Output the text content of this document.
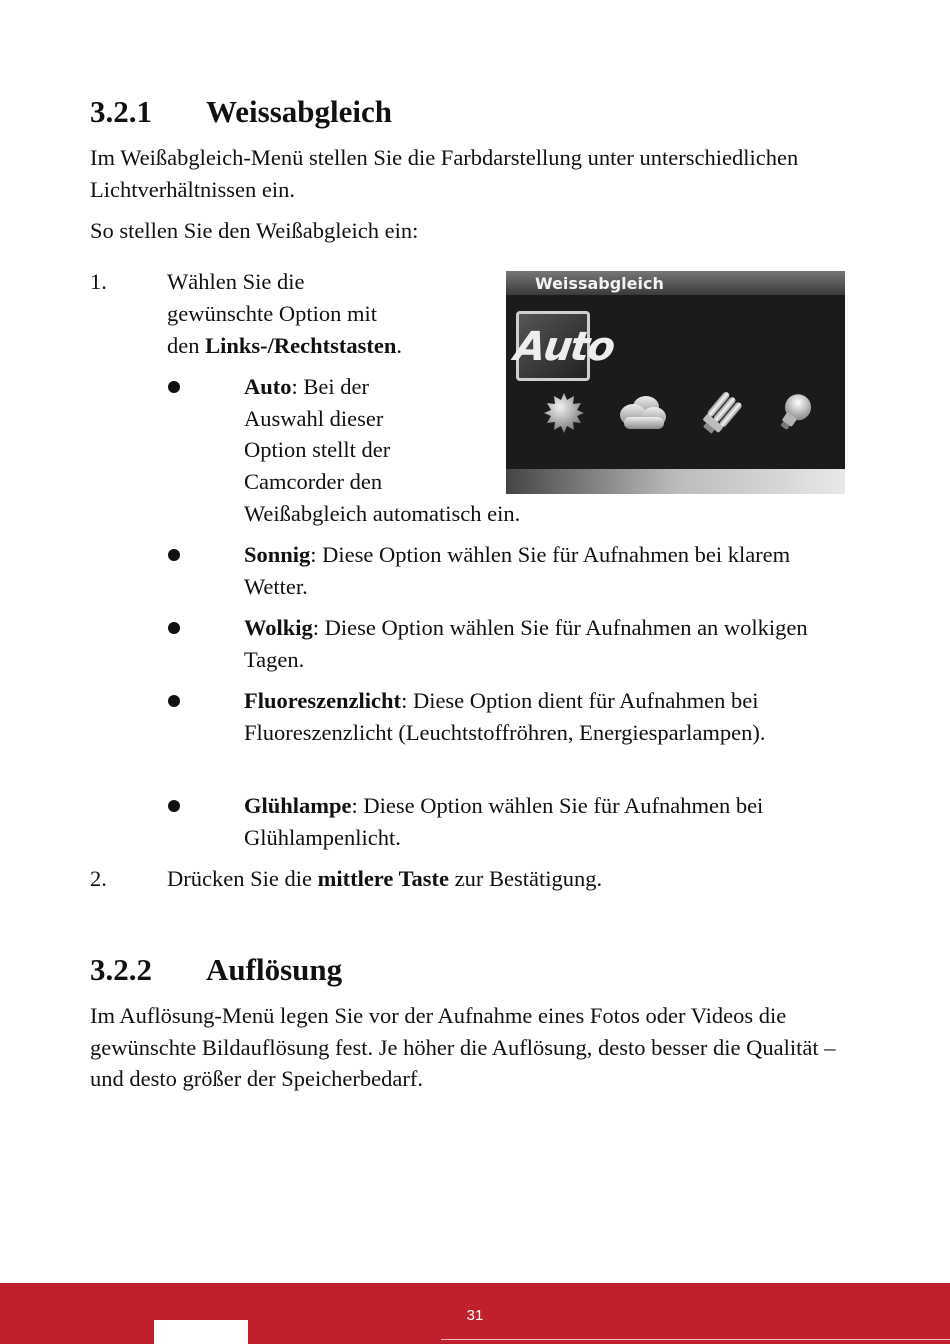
3.2.1 Weissabgleich

Im Weißabgleich-Menü stellen Sie die Farbdarstellung unter unterschiedlichen Lichtverhältnissen ein.

So stellen Sie den Weißabgleich ein:

1.	Wählen Sie die
gewünschte Option mit
den Links-/Rechtstasten.
Auto: Bei der
Auswahl dieser
Option stellt der
Camcorder den
Weißabgleich automatisch ein.
Sonnig: Diese Option wählen Sie für Aufnahmen bei klarem Wetter.
Wolkig: Diese Option wählen Sie für Aufnahmen an wolkigen Tagen.
Fluoreszenzlicht: Diese Option dient für Aufnahmen bei Fluoreszenzlicht (Leuchtstoffröhren, Energiesparlampen).
Glühlampe: Diese Option wählen Sie für Aufnahmen bei Glühlampenlicht.
2.	Drücken Sie die mittlere Taste zur Bestätigung.
Weissabgleich
Auto
3.2.2 Auflösung

Im Auflösung-Menü legen Sie vor der Aufnahme eines Fotos oder Videos die gewünschte Bildauflösung fest. Je höher die Auflösung, desto besser die Qualität – und desto größer der Speicherbedarf.

31
